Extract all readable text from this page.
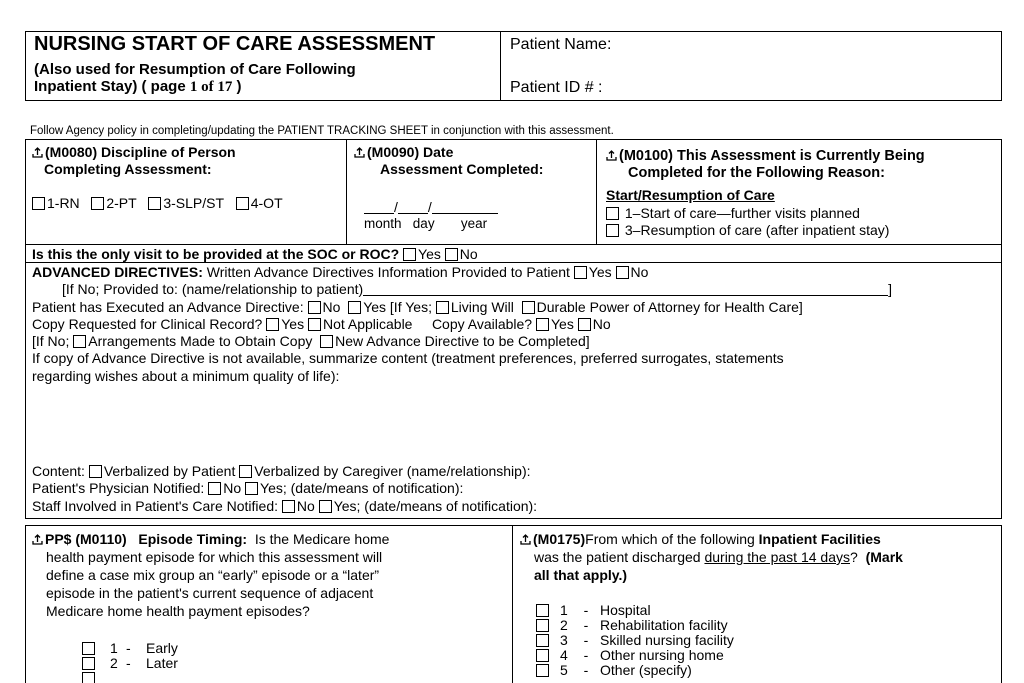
NURSING START OF CARE ASSESSMENT
(Also used for Resumption of Care Following
Inpatient Stay) ( page 1 of 17 )
Patient Name:
Patient ID # :
Follow Agency policy in completing/updating the PATIENT TRACKING SHEET in conjunction with this assessment.
(M0080) Discipline of Person
Completing Assessment:
1-RN 2-PT 3-SLP/ST 4-OT
(M0090) Date
Assessment Completed:
/ /
month day year
(M0100) This Assessment is Currently Being
Completed for the Following Reason:
Start/Resumption of Care
1–Start of care—further visits planned
3–Resumption of care (after inpatient stay)
Is this the only visit to be provided at the SOC or ROC? Yes No
ADVANCED DIRECTIVES: Written Advance Directives Information Provided to Patient Yes No
[If No; Provided to: (name/relationship to patient)	]
Patient has Executed an Advance Directive: No Yes [If Yes; Living Will Durable Power of Attorney for Health Care]
Copy Requested for Clinical Record? Yes Not Applicable Copy Available? Yes No
[If No; Arrangements Made to Obtain Copy New Advance Directive to be Completed]
If copy of Advance Directive is not available, summarize content (treatment preferences, preferred surrogates, statements
regarding wishes about a minimum quality of life):
Content: Verbalized by Patient Verbalized by Caregiver (name/relationship):
Patient's Physician Notified: No Yes; (date/means of notification):
Staff Involved in Patient's Care Notified: No Yes; (date/means of notification):
PP$ (M0110) Episode Timing: Is the Medicare home
health payment episode for which this assessment will
define a case mix group an “early” episode or a “later”
episode in the patient's current sequence of adjacent
Medicare home health payment episodes?
	1	-	Early
	2	-	Later

(M0175)From which of the following Inpatient Facilities
was the patient discharged during the past 14 days? (Mark
all that apply.)
	1	-	Hospital
	2	-	Rehabilitation facility
	3	-	Skilled nursing facility
	4	-	Other nursing home
	5	-	Other (specify)
